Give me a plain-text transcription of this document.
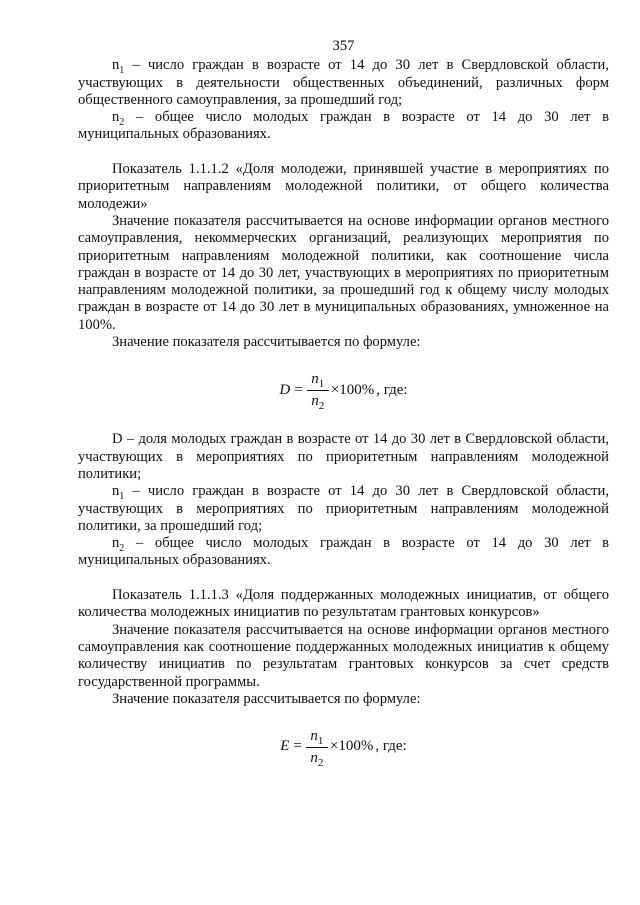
357

$n_1$ – число граждан в возрасте от 14 до 30 лет в Свердловской области, участвующих в деятельности общественных объединений, различных форм общественного самоуправления, за прошедший год;

$n_2$ – общее число молодых граждан в возрасте от 14 до 30 лет в муниципальных образованиях.

Показатель 1.1.1.2 «Доля молодежи, принявшей участие в мероприятиях по приоритетным направлениям молодежной политики, от общего количества молодежи»

Значение показателя рассчитывается на основе информации органов местного самоуправления, некоммерческих организаций, реализующих мероприятия по приоритетным направлениям молодежной политики, как соотношение числа граждан в возрасте от 14 до 30 лет, участвующих в мероприятиях по приоритетным направлениям молодежной политики, за прошедший год к общему числу молодых граждан в возрасте от 14 до 30 лет в муниципальных образованиях, умноженное на 100%.

Значение показателя рассчитывается по формуле:

$D = \frac{n_1}{n_2} \times 100\%$ , где:

D – доля молодых граждан в возрасте от 14 до 30 лет в Свердловской области, участвующих в мероприятиях по приоритетным направлениям молодежной политики;

$n_1$ – число граждан в возрасте от 14 до 30 лет в Свердловской области, участвующих в мероприятиях по приоритетным направлениям молодежной политики, за прошедший год;

$n_2$ – общее число молодых граждан в возрасте от 14 до 30 лет в муниципальных образованиях.

Показатель 1.1.1.3 «Доля поддержанных молодежных инициатив, от общего количества молодежных инициатив по результатам грантовых конкурсов»

Значение показателя рассчитывается на основе информации органов местного самоуправления как соотношение поддержанных молодежных инициатив к общему количеству инициатив по результатам грантовых конкурсов за счет средств государственной программы.

Значение показателя рассчитывается по формуле:

$E = \frac{n_1}{n_2} \times 100\%$ , где:
